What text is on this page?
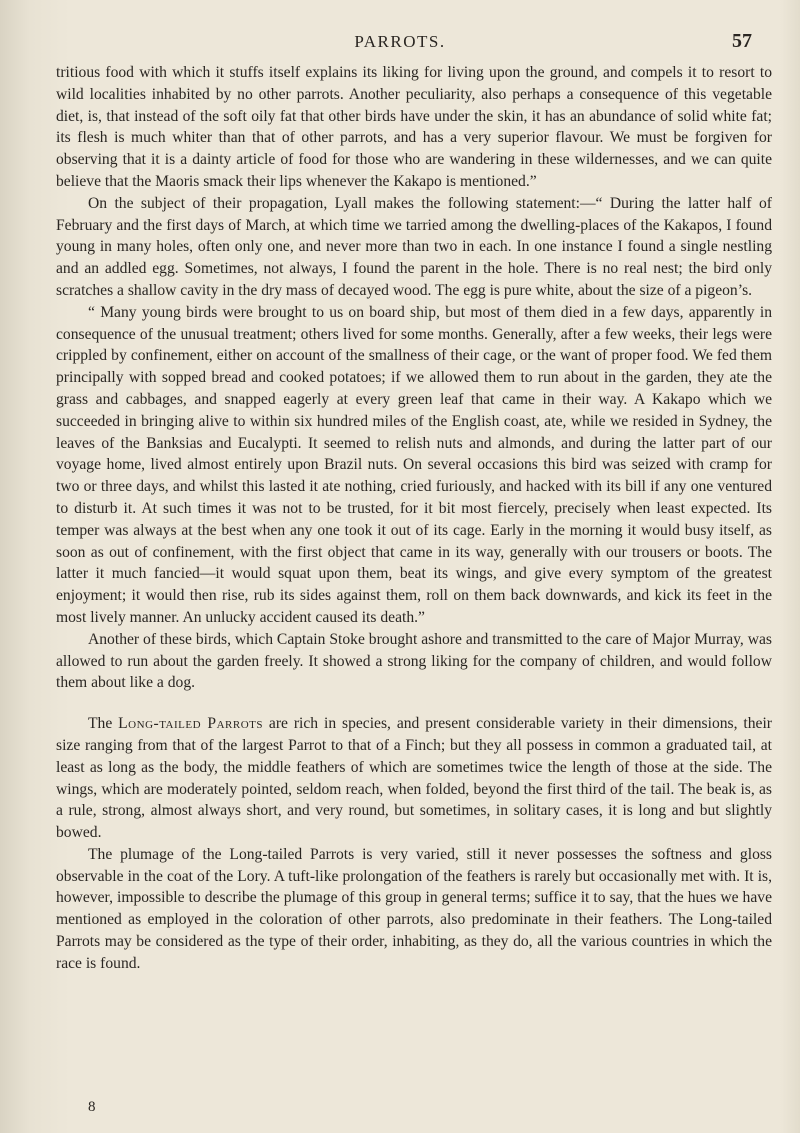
PARROTS.	57

tritious food with which it stuffs itself explains its liking for living upon the ground, and compels it to resort to wild localities inhabited by no other parrots. Another peculiarity, also perhaps a consequence of this vegetable diet, is, that instead of the soft oily fat that other birds have under the skin, it has an abundance of solid white fat; its flesh is much whiter than that of other parrots, and has a very superior flavour. We must be forgiven for observing that it is a dainty article of food for those who are wandering in these wildernesses, and we can quite believe that the Maoris smack their lips whenever the Kakapo is mentioned.”

On the subject of their propagation, Lyall makes the following statement:—“ During the latter half of February and the first days of March, at which time we tarried among the dwelling-places of the Kakapos, I found young in many holes, often only one, and never more than two in each. In one instance I found a single nestling and an addled egg. Sometimes, not always, I found the parent in the hole. There is no real nest; the bird only scratches a shallow cavity in the dry mass of decayed wood. The egg is pure white, about the size of a pigeon’s.

“ Many young birds were brought to us on board ship, but most of them died in a few days, apparently in consequence of the unusual treatment; others lived for some months. Generally, after a few weeks, their legs were crippled by confinement, either on account of the smallness of their cage, or the want of proper food. We fed them principally with sopped bread and cooked potatoes; if we allowed them to run about in the garden, they ate the grass and cabbages, and snapped eagerly at every green leaf that came in their way. A Kakapo which we succeeded in bringing alive to within six hundred miles of the English coast, ate, while we resided in Sydney, the leaves of the Banksias and Eucalypti. It seemed to relish nuts and almonds, and during the latter part of our voyage home, lived almost entirely upon Brazil nuts. On several occasions this bird was seized with cramp for two or three days, and whilst this lasted it ate nothing, cried furiously, and hacked with its bill if any one ventured to disturb it. At such times it was not to be trusted, for it bit most fiercely, precisely when least expected. Its temper was always at the best when any one took it out of its cage. Early in the morning it would busy itself, as soon as out of confinement, with the first object that came in its way, generally with our trousers or boots. The latter it much fancied—it would squat upon them, beat its wings, and give every symptom of the greatest enjoyment; it would then rise, rub its sides against them, roll on them back downwards, and kick its feet in the most lively manner. An unlucky accident caused its death.”

Another of these birds, which Captain Stoke brought ashore and transmitted to the care of Major Murray, was allowed to run about the garden freely. It showed a strong liking for the company of children, and would follow them about like a dog.

The Long-tailed Parrots are rich in species, and present considerable variety in their dimensions, their size ranging from that of the largest Parrot to that of a Finch; but they all possess in common a graduated tail, at least as long as the body, the middle feathers of which are sometimes twice the length of those at the side. The wings, which are moderately pointed, seldom reach, when folded, beyond the first third of the tail. The beak is, as a rule, strong, almost always short, and very round, but sometimes, in solitary cases, it is long and but slightly bowed.

The plumage of the Long-tailed Parrots is very varied, still it never possesses the softness and gloss observable in the coat of the Lory. A tuft-like prolongation of the feathers is rarely but occasionally met with. It is, however, impossible to describe the plumage of this group in general terms; suffice it to say, that the hues we have mentioned as employed in the coloration of other parrots, also predominate in their feathers. The Long-tailed Parrots may be considered as the type of their order, inhabiting, as they do, all the various countries in which the race is found.

8
